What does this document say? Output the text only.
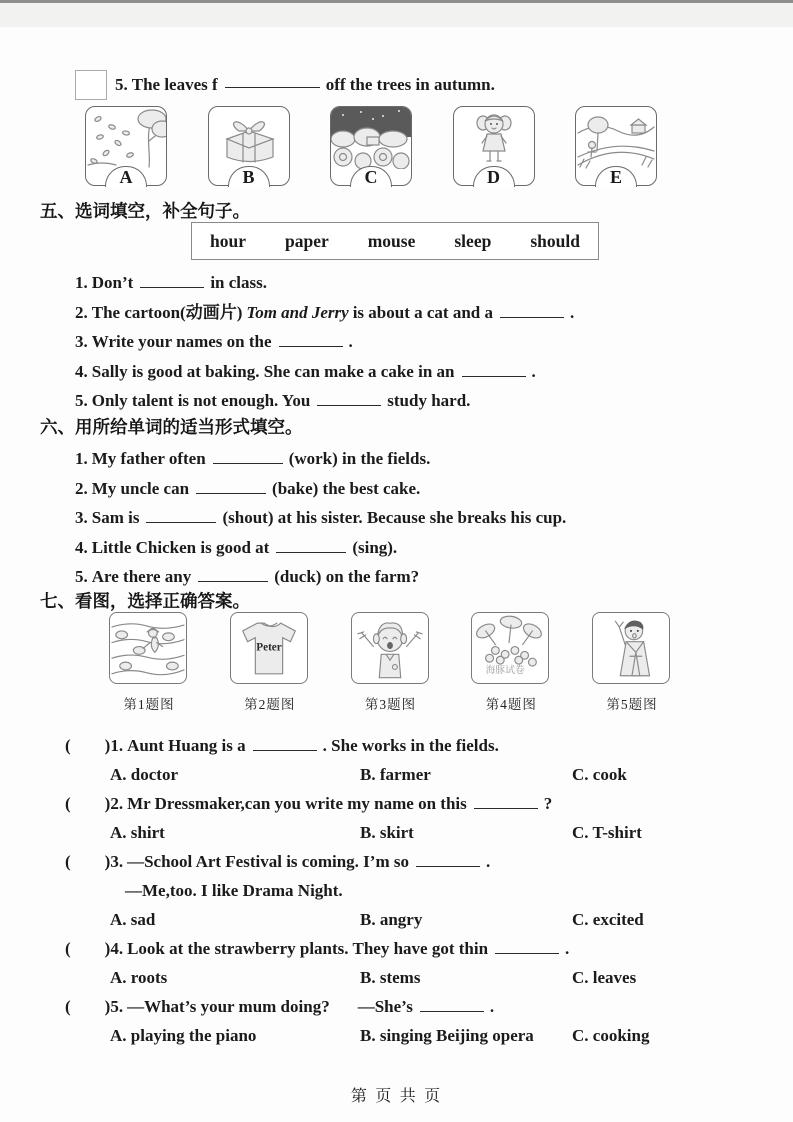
5. The leaves f	off the trees in autumn.
A	B	C	D	E
五、选词填空，补全句子。
hour paper mouse sleep should
1. Don’t	in class.
2. The cartoon(动画片) Tom and Jerry is about a cat and a	.
3. Write your names on the	.
4. Sally is good at baking. She can make a cake in an	.
5. Only talent is not enough. You	study hard.
六、用所给单词的适当形式填空。
1. My father often	(work) in the fields.
2. My uncle can	(bake) the best cake.
3. Sam is	(shout) at his sister. Because she breaks his cup.
4. Little Chicken is good at	(sing).
5. Are there any	(duck) on the farm?
七、看图，选择正确答案。
第1题图
Peter
第2题图	第3题图
海豚试卷
第4题图	第5题图
(        )1. Aunt Huang is a	. She works in the fields.
A. doctor	B. farmer	C. cook
(        )2. Mr Dressmaker,can you write my name on this	?
A. shirt	B. skirt	C. T-shirt
(        )3. —School Art Festival is coming. I’m so	.
—Me,too. I like Drama Night.
A. sad	B. angry	C. excited
(        )4. Look at the strawberry plants. They have got thin	.
A. roots	B. stems	C. leaves
(        )5. —What’s your mum doing? —She’s	.
A. playing the piano	B. singing Beijing opera	C. cooking
第 页 共 页
